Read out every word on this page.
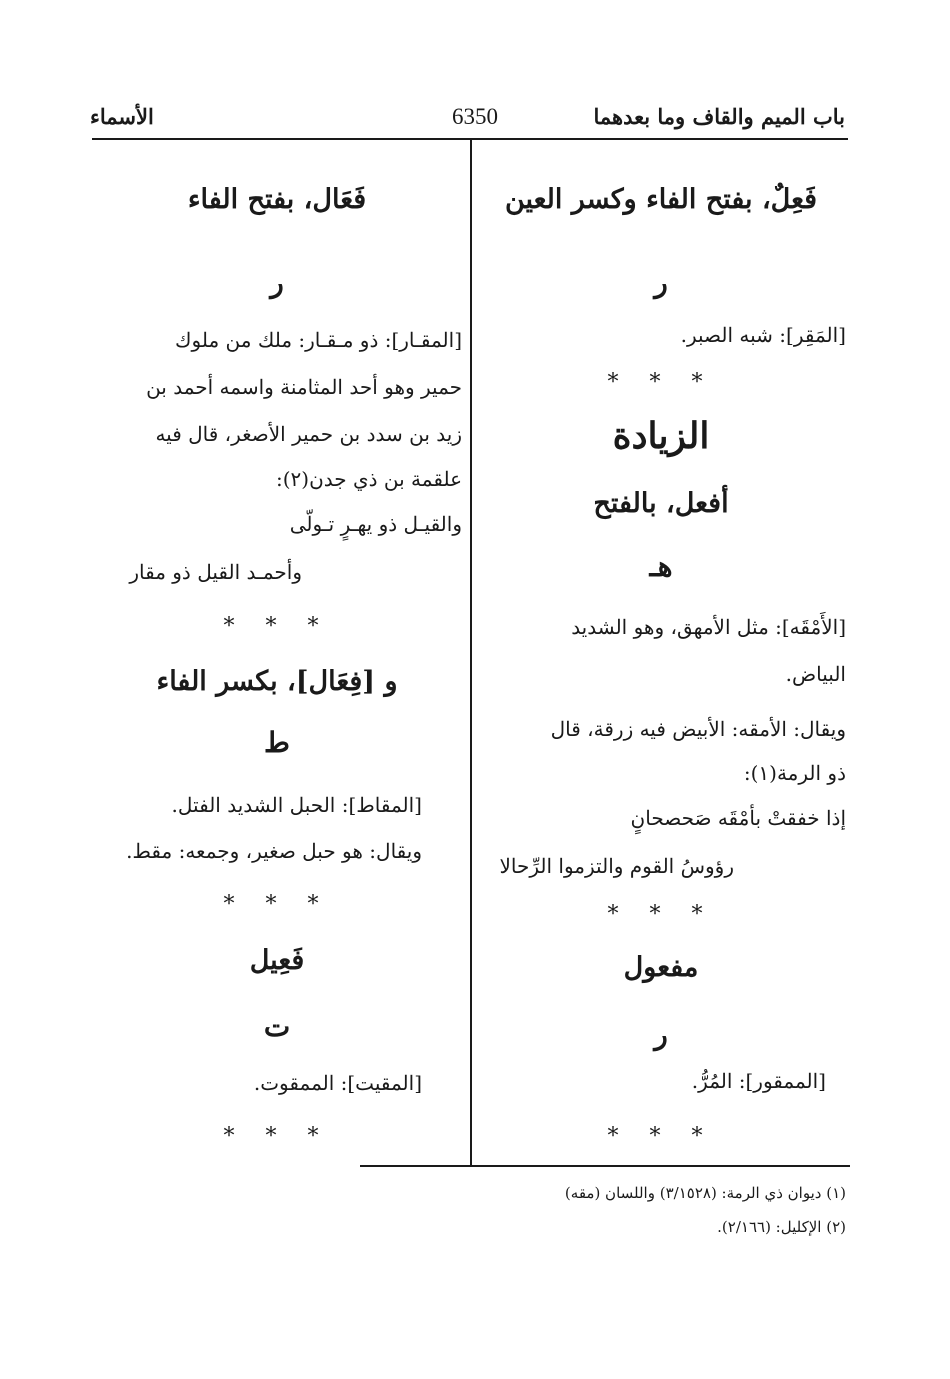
باب الميم والقاف وما بعدهما
6350
الأسماء
فَعِلٌ، بفتح الفاء وكسر العين
ر
[المَقِر]: شبه الصبر.
* * *
الزيادة
أفعل، بالفتح
هـ
[الأَمْقَه]: مثل الأمهق، وهو الشديد
البياض.
ويقال: الأمقه: الأبيض فيه زرقة، قال
ذو الرمة(١):
إذا خفقتْ بأمْقَه صَحصحانٍ
رؤوسُ القوم والتزموا الرِّحالا
* * *
مفعول
ر
[الممقور]: المُرُّ.
* * *
فَعَال، بفتح الفاء
ر
[المقـار]: ذو مـقـار: ملك من ملوك
حمير وهو أحد المثامنة واسمه أحمد بن
زيد بن سدد بن حمير الأصغر، قال فيه
علقمة بن ذي جدن(٢):
والقيـل ذو يهـرٍ تـولّى
وأحمـد القيل ذو مقار
* * *
و [فِعَال]، بكسر الفاء
ط
[المقاط]: الحبل الشديد الفتل.
ويقال: هو حبل صغير، وجمعه: مقط.
* * *
فَعِيل
ت
[المقيت]: الممقوت.
* * *
(١) ديوان ذي الرمة: (٣/١٥٢٨) واللسان (مقه)
(٢) الإكليل: (٢/١٦٦).
